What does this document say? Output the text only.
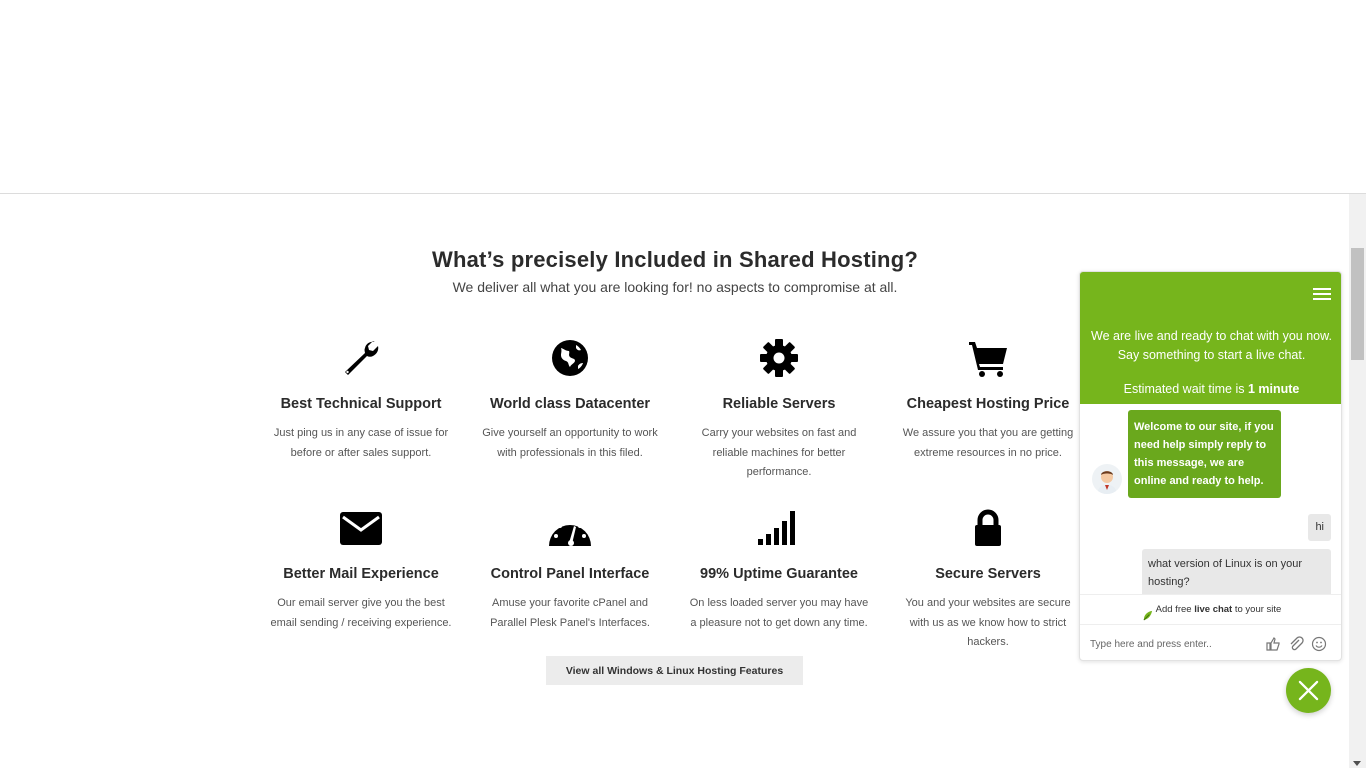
What’s precisely Included in Shared Hosting?
We deliver all what you are looking for! no aspects to compromise at all.
Best Technical Support
Just ping us in any case of issue for before or after sales support.
World class Datacenter
Give yourself an opportunity to work with professionals in this filed.
Reliable Servers
Carry your websites on fast and reliable machines for better performance.
Cheapest Hosting Price
We assure you that you are getting extreme resources in no price.
Better Mail Experience
Our email server give you the best email sending / receiving experience.
Control Panel Interface
Amuse your favorite cPanel and Parallel Plesk Panel's Interfaces.
99% Uptime Guarantee
On less loaded server you may have a pleasure not to get down any time.
Secure Servers
You and your websites are secure with us as we know how to strict hackers.
View all Windows & Linux Hosting Features
We are live and ready to chat with you now. Say something to start a live chat.
Estimated wait time is 1 minute
Welcome to our site, if you need help simply reply to this message, we are online and ready to help.
hi
what version of Linux is on your hosting?
Add free live chat to your site
Type here and press enter..
